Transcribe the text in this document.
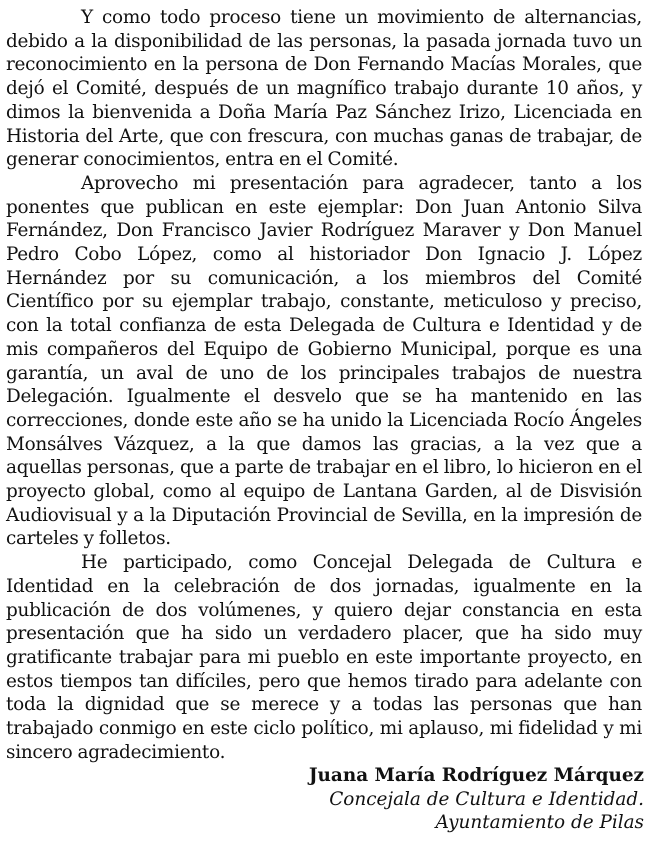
Y como todo proceso tiene un movimiento de alternancias, debido a la disponibilidad de las personas, la pasada jornada tuvo un reconocimiento en la persona de Don Fernando Macías Morales, que dejó el Comité, después de un magnífico trabajo durante 10 años, y dimos la bienvenida a Doña María Paz Sánchez Irizo, Licenciada en Historia del Arte, que con frescura, con muchas ganas de trabajar, de generar conocimientos, entra en el Comité.

Aprovecho mi presentación para agradecer, tanto a los ponentes que publican en este ejemplar: Don Juan Antonio Silva Fernández, Don Francisco Javier Rodríguez Maraver y Don Manuel Pedro Cobo López, como al historiador Don Ignacio J. López Hernández por su comunicación, a los miembros del Comité Científico por su ejemplar trabajo, constante, meticuloso y preciso, con la total confianza de esta Delegada de Cultura e Identidad y de mis compañeros del Equipo de Gobierno Municipal, porque es una garantía, un aval de uno de los principales trabajos de nuestra Delegación. Igualmente el desvelo que se ha mantenido en las correcciones, donde este año se ha unido la Licenciada Rocío Ángeles Monsálves Vázquez, a la que damos las gracias, a la vez que a aquellas personas, que a parte de trabajar en el libro, lo hicieron en el proyecto global, como al equipo de Lantana Garden, al de Disvisión Audiovisual y a la Diputación Provincial de Sevilla, en la impresión de carteles y folletos.

He participado, como Concejal Delegada de Cultura e Identidad en la celebración de dos jornadas, igualmente en la publicación de dos volúmenes, y quiero dejar constancia en esta presentación que ha sido un verdadero placer, que ha sido muy gratificante trabajar para mi pueblo en este importante proyecto, en estos tiempos tan difíciles, pero que hemos tirado para adelante con toda la dignidad que se merece y a todas las personas que han trabajado conmigo en este ciclo político, mi aplauso, mi fidelidad y mi sincero agradecimiento.

Juana María Rodríguez Márquez
Concejala de Cultura e Identidad.
Ayuntamiento de Pilas
